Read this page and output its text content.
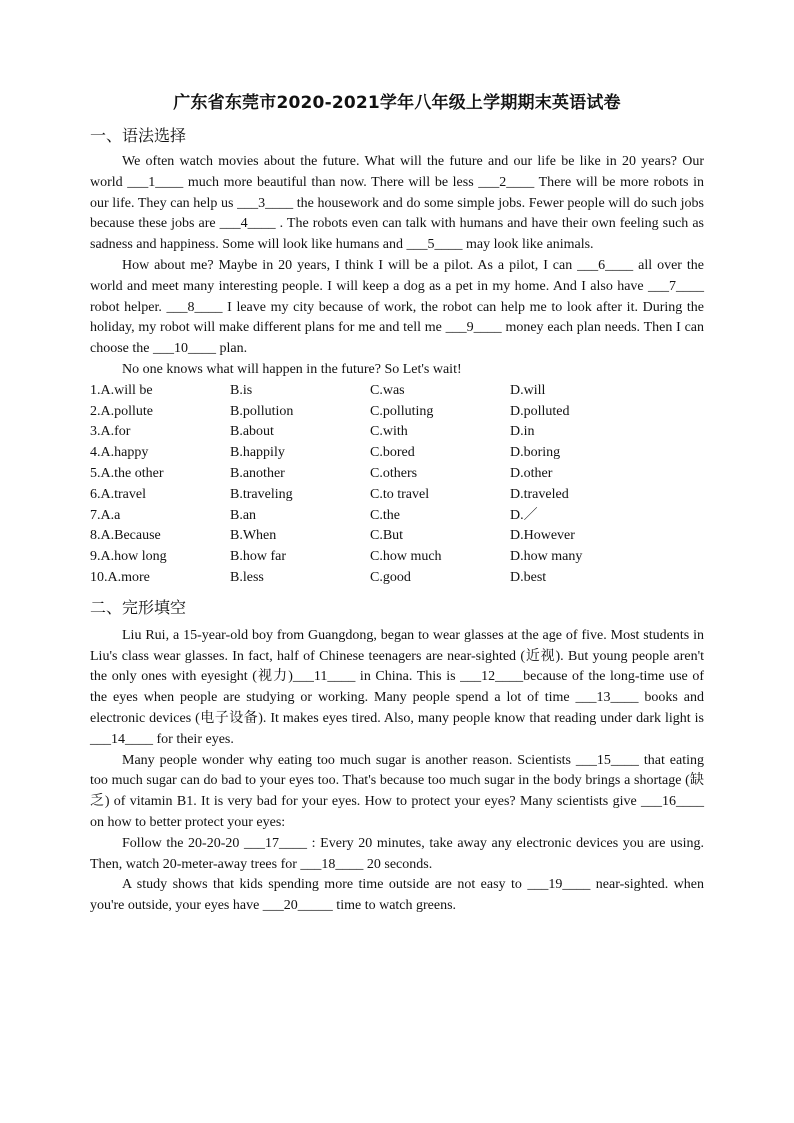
广东省东莞市2020-2021学年八年级上学期期末英语试卷
一、语法选择

We often watch movies about the future. What will the future and our life be like in 20 years? Our world ___1____ much more beautiful than now. There will be less ___2____ There will be more robots in our life. They can help us ___3____ the housework and do some simple jobs. Fewer people will do such jobs because these jobs are ___4____ . The robots even can talk with humans and have their own feeling such as sadness and happiness. Some will look like humans and ___5____ may look like animals.

How about me? Maybe in 20 years, I think I will be a pilot. As a pilot, I can ___6____ all over the world and meet many interesting people. I will keep a dog as a pet in my home. And I also have ___7____ robot helper. ___8____ I leave my city because of work, the robot can help me to look after it. During the holiday, my robot will make different plans for me and tell me ___9____ money each plan needs. Then I can choose the ___10____ plan.

No one knows what will happen in the future? So Let's wait!

1.A.will be	B.is	C.was	D.will
2.A.pollute	B.pollution	C.polluting	D.polluted
3.A.for	B.about	C.with	D.in
4.A.happy	B.happily	C.bored	D.boring
5.A.the other	B.another	C.others	D.other
6.A.travel	B.traveling	C.to travel	D.traveled
7.A.a	B.an	C.the	D.／
8.A.Because	B.When	C.But	D.However
9.A.how long	B.how far	C.how much	D.how many
10.A.more	B.less	C.good	D.best
二、完形填空

Liu Rui, a 15-year-old boy from Guangdong, began to wear glasses at the age of five. Most students in Liu's class wear glasses. In fact, half of Chinese teenagers are near-sighted (近视). But young people aren't the only ones with eyesight (视力)___11____ in China. This is ___12____because of the long-time use of the eyes when people are studying or working. Many people spend a lot of time ___13____ books and electronic devices (电子设备). It makes eyes tired. Also, many people know that reading under dark light is ___14____ for their eyes.

Many people wonder why eating too much sugar is another reason. Scientists ___15____ that eating too much sugar can do bad to your eyes too. That's because too much sugar in the body brings a shortage (缺乏) of vitamin B1. It is very bad for your eyes. How to protect your eyes? Many scientists give ___16____ on how to better protect your eyes:

Follow the 20-20-20 ___17____ : Every 20 minutes, take away any electronic devices you are using. Then, watch 20-meter-away trees for ___18____ 20 seconds.

A study shows that kids spending more time outside are not easy to ___19____ near-sighted. when you're outside, your eyes have ___20_____ time to watch greens.
